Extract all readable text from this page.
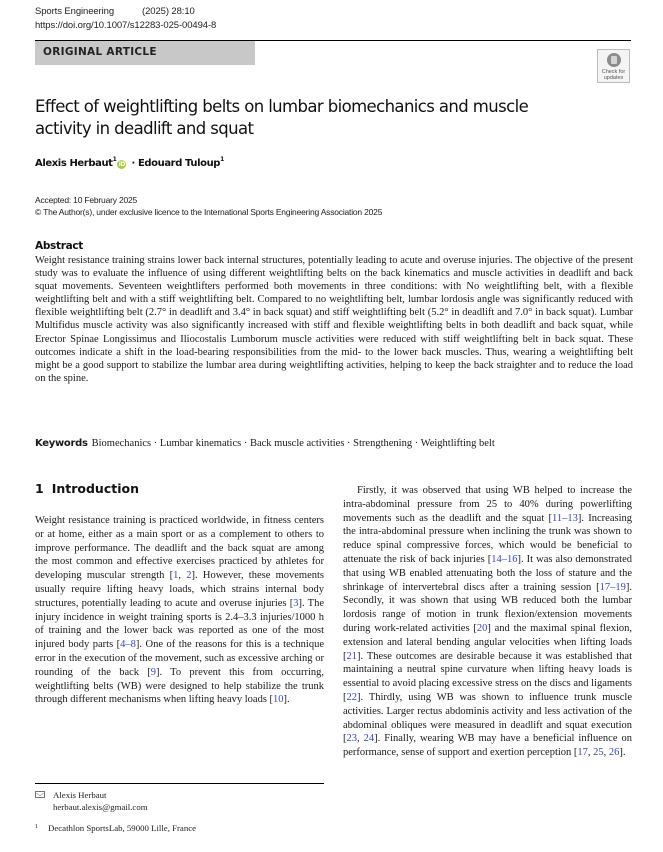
Sports Engineering	(2025) 28:10
https://doi.org/10.1007/s12283-025-00494-8
ORIGINAL ARTICLE
Check for
updates
Effect of weightlifting belts on lumbar biomechanics and muscle activity in deadlift and squat
Alexis Herbaut$^1$iD · Edouard Tuloup$^1$
Accepted: 10 February 2025
© The Author(s), under exclusive licence to the International Sports Engineering Association 2025
Abstract
Weight resistance training strains lower back internal structures, potentially leading to acute and overuse injuries. The objective of the present study was to evaluate the influence of using different weightlifting belts on the back kinematics and muscle activities in deadlift and back squat movements. Seventeen weightlifters performed both movements in three conditions: with No weightlifting belt, with a flexible weightlifting belt and with a stiff weightlifting belt. Compared to no weightlifting belt, lumbar lordosis angle was significantly reduced with flexible weightlifting belt (2.7° in deadlift and 3.4° in back squat) and stiff weightlifting belt (5.2° in deadlift and 7.0° in back squat). Lumbar Multifidus muscle activity was also significantly increased with stiff and flexible weightlifting belts in both deadlift and back squat, while Erector Spinae Longissimus and Iliocostalis Lumborum muscle activities were reduced with stiff weightlifting belt in back squat. These outcomes indicate a shift in the load-bearing responsibilities from the mid- to the lower back muscles. Thus, wearing a weightlifting belt might be a good support to stabilize the lumbar area during weightlifting activities, helping to keep the back straighter and to reduce the load on the spine.
Keywords Biomechanics · Lumbar kinematics · Back muscle activities · Strengthening · Weightlifting belt
1 Introduction
Weight resistance training is practiced worldwide, in fitness centers or at home, either as a main sport or as a complement to others to improve performance. The deadlift and the back squat are among the most common and effective exercises practiced by athletes for developing muscular strength [1, 2]. However, these movements usually require lifting heavy loads, which strains internal body structures, potentially leading to acute and overuse injuries [3]. The injury incidence in weight training sports is 2.4–3.3 injuries/1000 h of training and the lower back was reported as one of the most injured body parts [4–8]. One of the reasons for this is a technique error in the execution of the movement, such as excessive arching or rounding of the back [9]. To prevent this from occurring, weightlifting belts (WB) were designed to help stabilize the trunk through different mechanisms when lifting heavy loads [10].
Firstly, it was observed that using WB helped to increase the intra-abdominal pressure from 25 to 40% during powerlifting movements such as the deadlift and the squat [11–13]. Increasing the intra-abdominal pressure when inclining the trunk was shown to reduce spinal compressive forces, which would be beneficial to attenuate the risk of back injuries [14–16]. It was also demonstrated that using WB enabled attenuating both the loss of stature and the shrinkage of intervertebral discs after a training session [17–19]. Secondly, it was shown that using WB reduced both the lumbar lordosis range of motion in trunk flexion/extension movements during work-related activities [20] and the maximal spinal flexion, extension and lateral bending angular velocities when lifting loads [21]. These outcomes are desirable because it was established that maintaining a neutral spine curvature when lifting heavy loads is essential to avoid placing excessive stress on the discs and ligaments [22]. Thirdly, using WB was shown to influence trunk muscle activities. Larger rectus abdominis activity and less activation of the abdominal obliques were measured in deadlift and squat execution [23, 24]. Finally, wearing WB may have a beneficial influence on performance, sense of support and exertion perception [17, 25, 26].
Alexis Herbaut
herbaut.alexis@gmail.com
$^1$ Decathlon SportsLab, 59000 Lille, France
